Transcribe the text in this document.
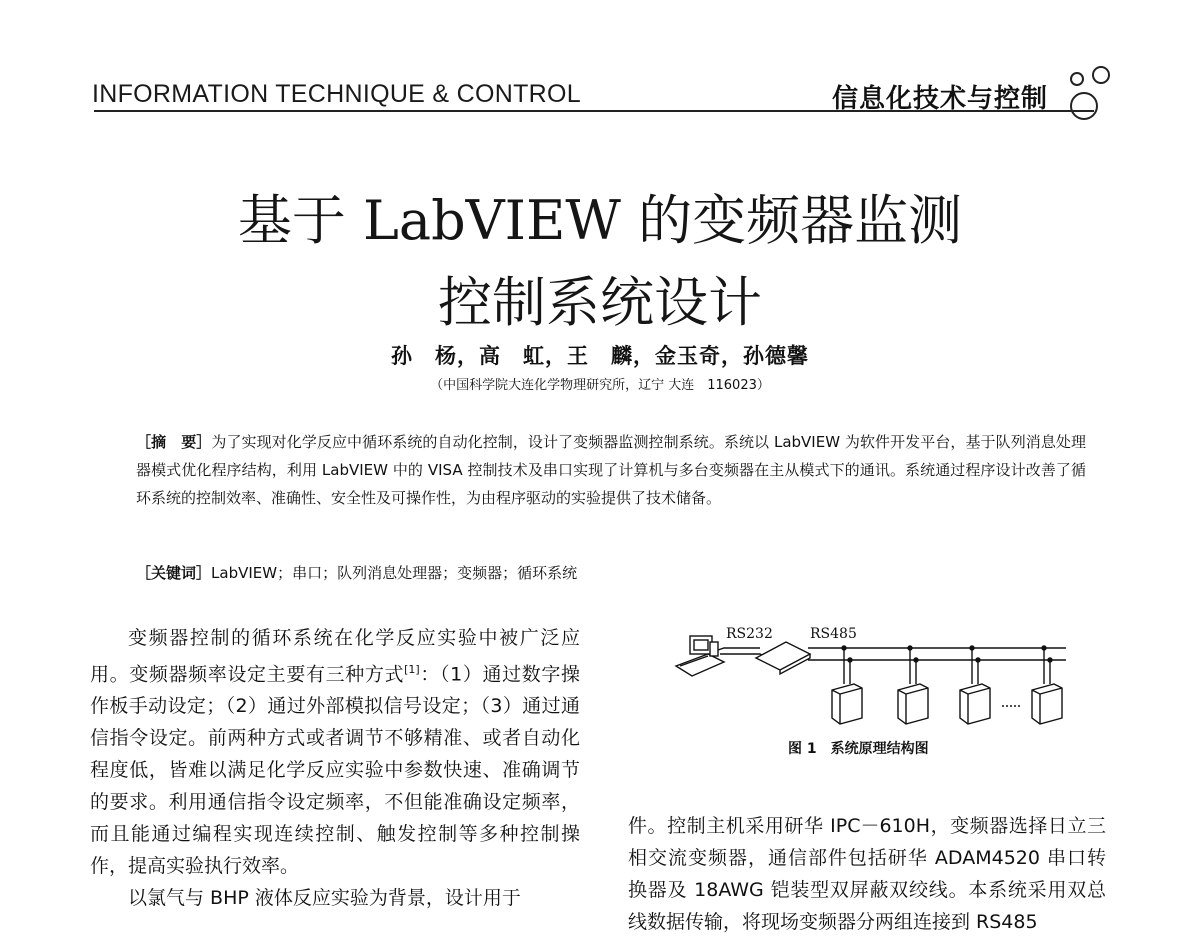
INFORMATION TECHNIQUE & CONTROL	信息化技术与控制
基于 LabVIEW 的变频器监测
控制系统设计
孙　杨，高　虹，王　麟，金玉奇，孙德馨
（中国科学院大连化学物理研究所，辽宁 大连　116023）
［摘　要］为了实现对化学反应中循环系统的自动化控制，设计了变频器监测控制系统。系统以 LabVIEW 为软件开发平台，基于队列消息处理器模式优化程序结构，利用 LabVIEW 中的 VISA 控制技术及串口实现了计算机与多台变频器在主从模式下的通讯。系统通过程序设计改善了循环系统的控制效率、准确性、安全性及可操作性，为由程序驱动的实验提供了技术储备。
［关键词］LabVIEW；串口；队列消息处理器；变频器；循环系统

变频器控制的循环系统在化学反应实验中被广泛应用。变频器频率设定主要有三种方式[1]：（1）通过数字操作板手动设定；（2）通过外部模拟信号设定；（3）通过通信指令设定。前两种方式或者调节不够精准、或者自动化程度低，皆难以满足化学反应实验中参数快速、准确调节的要求。利用通信指令设定频率，不但能准确设定频率，而且能通过编程实现连续控制、触发控制等多种控制操作，提高实验执行效率。

以氯气与 BHP 液体反应实验为背景，设计用于

RS232	RS485
图 1　系统原理结构图

件。控制主机采用研华 IPC－610H，变频器选择日立三相交流变频器，通信部件包括研华 ADAM4520 串口转换器及 18AWG 铠装型双屏蔽双绞线。本系统采用双总线数据传输，将现场变频器分两组连接到 RS485
